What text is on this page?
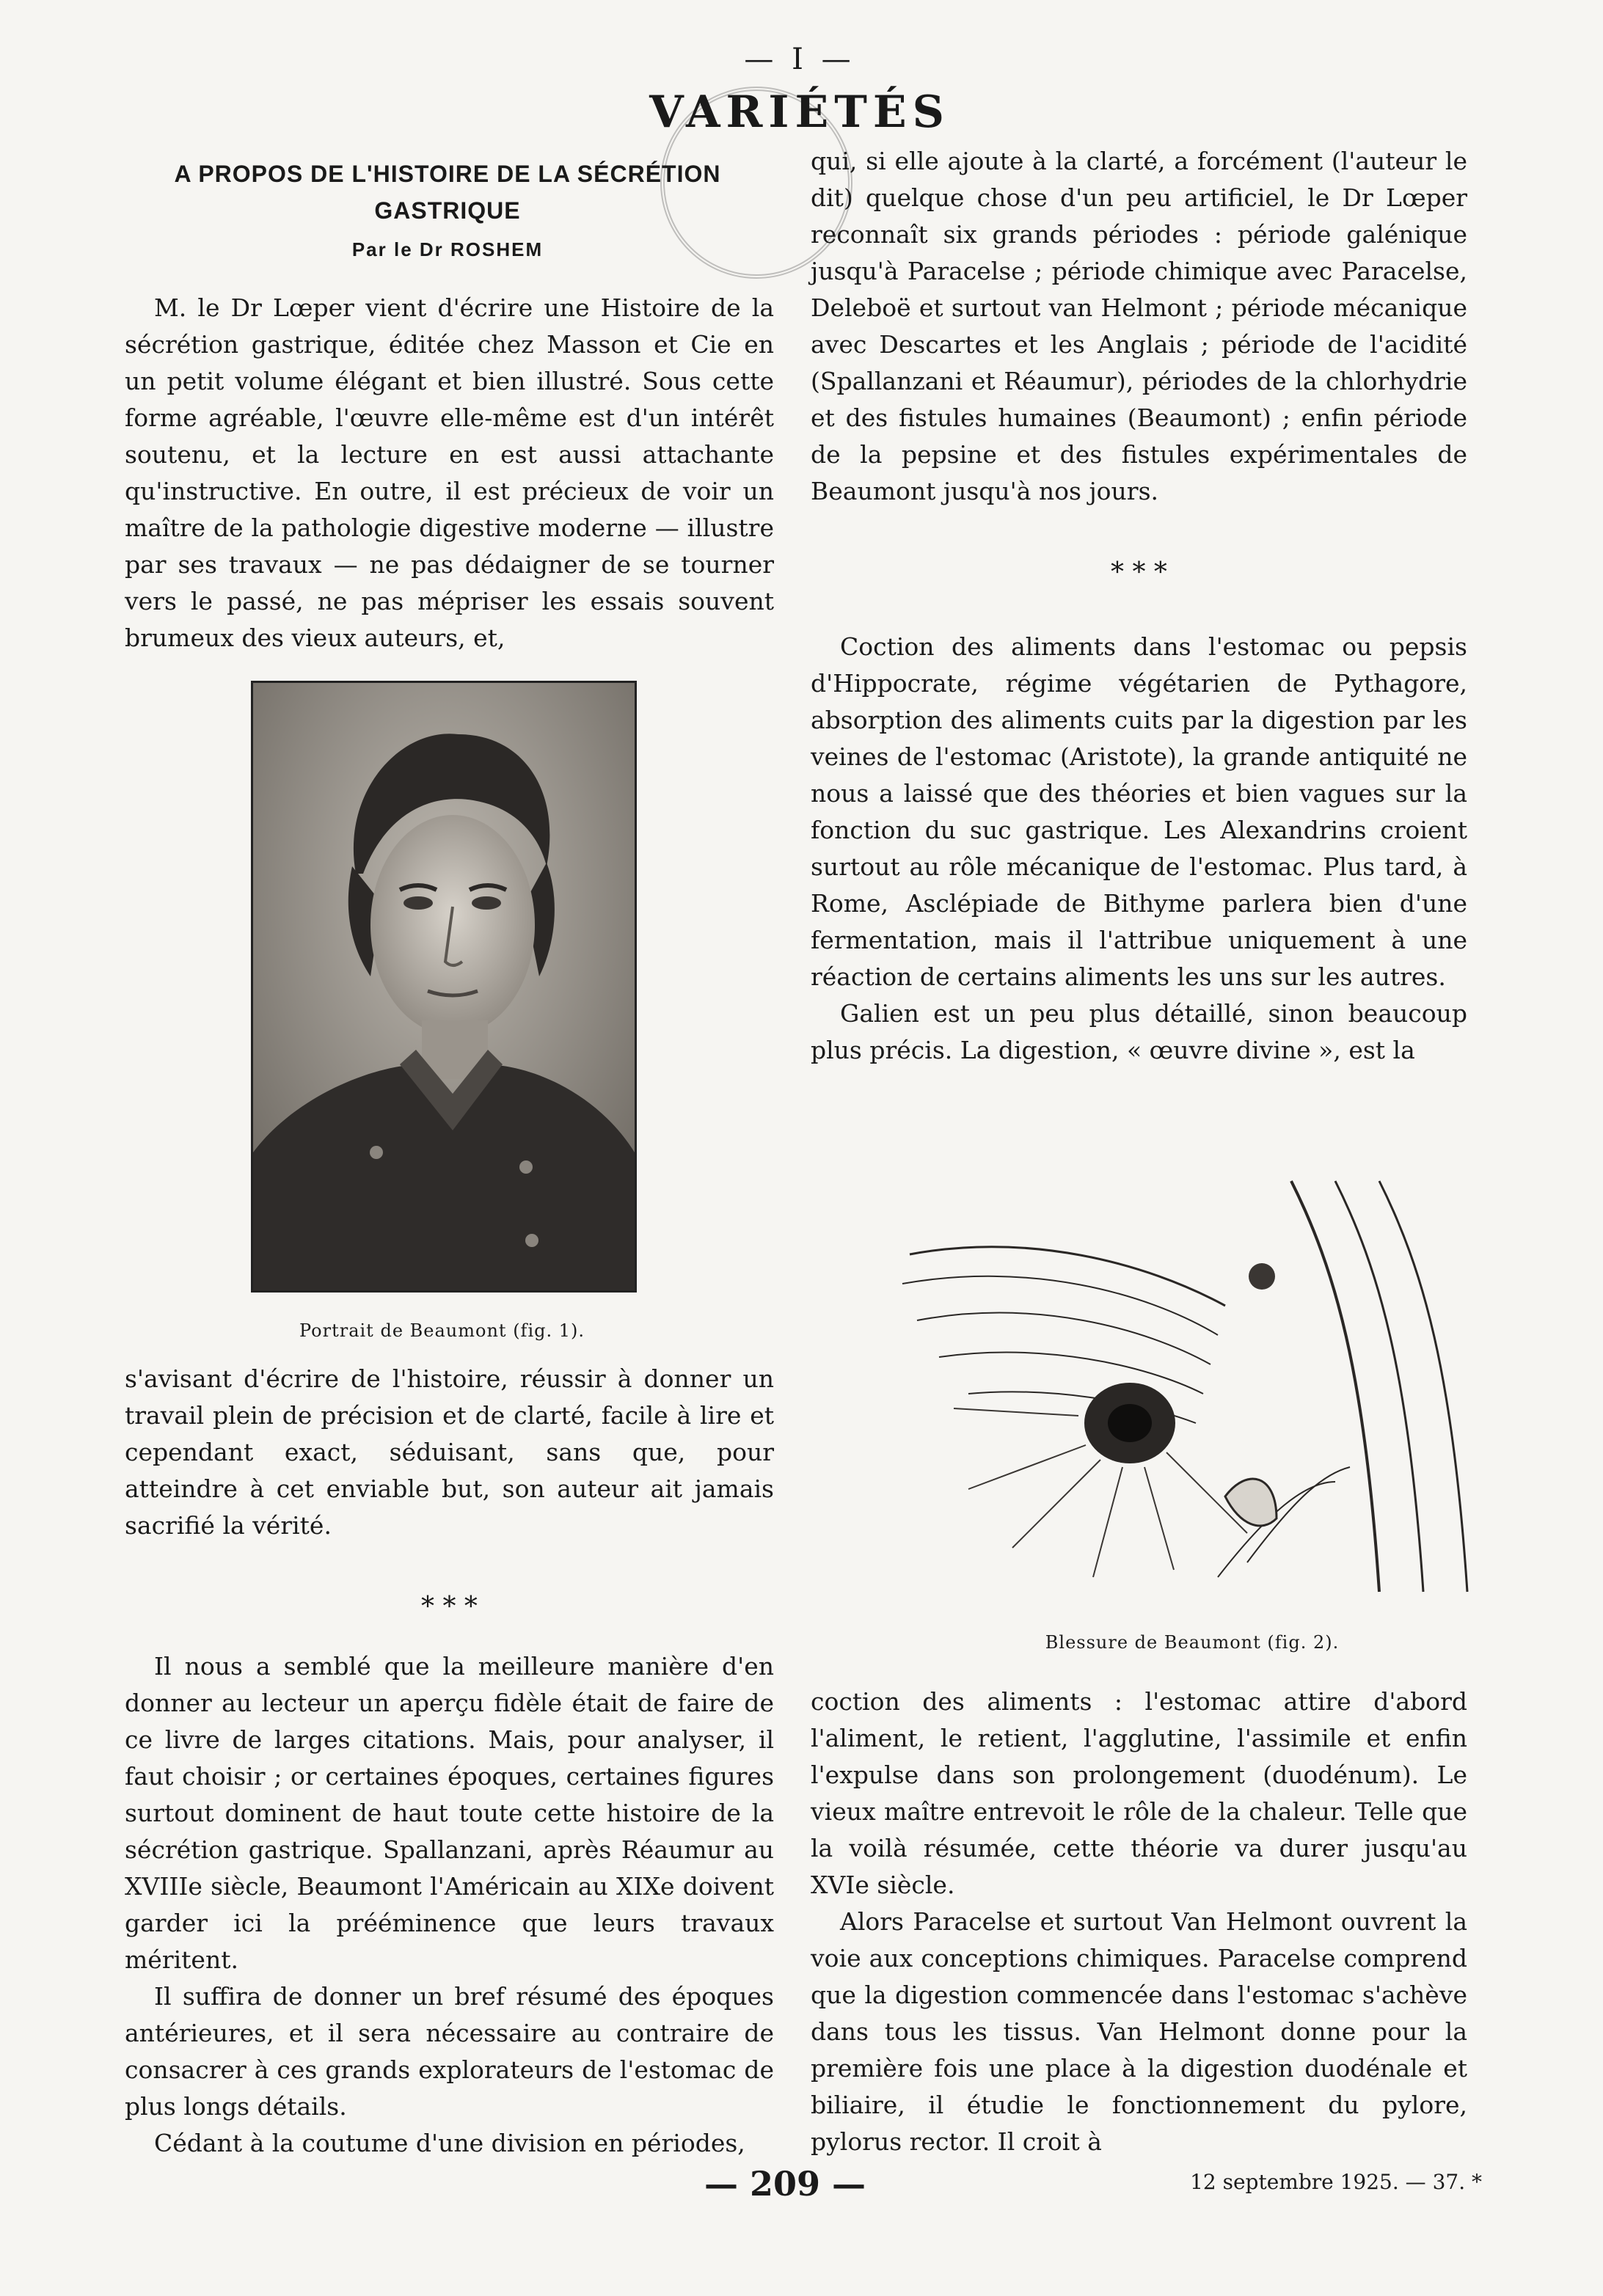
— I —
VARIÉTÉS
A PROPOS DE L'HISTOIRE DE LA SÉCRÉTION GASTRIQUE
Par le Dr ROSHEM

M. le Dr Lœper vient d'écrire une Histoire de la sécrétion gastrique, éditée chez Masson et Cie en un petit volume élégant et bien illustré. Sous cette forme agréable, l'œuvre elle-même est d'un intérêt soutenu, et la lecture en est aussi attachante qu'instructive. En outre, il est précieux de voir un maître de la pathologie digestive moderne — illustre par ses travaux — ne pas dédaigner de se tourner vers le passé, ne pas mépriser les essais souvent brumeux des vieux auteurs, et,

Portrait de Beaumont (fig. 1).

s'avisant d'écrire de l'histoire, réussir à donner un travail plein de précision et de clarté, facile à lire et cependant exact, séduisant, sans que, pour atteindre à cet enviable but, son auteur ait jamais sacrifié la vérité.

* * *

Il nous a semblé que la meilleure manière d'en donner au lecteur un aperçu fidèle était de faire de ce livre de larges citations. Mais, pour analyser, il faut choisir ; or certaines époques, certaines figures surtout dominent de haut toute cette histoire de la sécrétion gastrique. Spallanzani, après Réaumur au XVIIIe siècle, Beaumont l'Américain au XIXe doivent garder ici la prééminence que leurs travaux méritent.

Il suffira de donner un bref résumé des époques antérieures, et il sera nécessaire au contraire de consacrer à ces grands explorateurs de l'estomac de plus longs détails.

Cédant à la coutume d'une division en périodes,

qui, si elle ajoute à la clarté, a forcément (l'auteur le dit) quelque chose d'un peu artificiel, le Dr Lœper reconnaît six grands périodes : période galénique jusqu'à Paracelse ; période chimique avec Paracelse, Deleboë et surtout van Helmont ; période mécanique avec Descartes et les Anglais ; période de l'acidité (Spallanzani et Réaumur), périodes de la chlorhydrie et des fistules humaines (Beaumont) ; enfin période de la pepsine et des fistules expérimentales de Beaumont jusqu'à nos jours.

* * *

Coction des aliments dans l'estomac ou pepsis d'Hippocrate, régime végétarien de Pythagore, absorption des aliments cuits par la digestion par les veines de l'estomac (Aristote), la grande antiquité ne nous a laissé que des théories et bien vagues sur la fonction du suc gastrique. Les Alexandrins croient surtout au rôle mécanique de l'estomac. Plus tard, à Rome, Asclépiade de Bithyme parlera bien d'une fermentation, mais il l'attribue uniquement à une réaction de certains aliments les uns sur les autres.

Galien est un peu plus détaillé, sinon beaucoup plus précis. La digestion, « œuvre divine », est la

Blessure de Beaumont (fig. 2).

coction des aliments : l'estomac attire d'abord l'aliment, le retient, l'agglutine, l'assimile et enfin l'expulse dans son prolongement (duodénum). Le vieux maître entrevoit le rôle de la chaleur. Telle que la voilà résumée, cette théorie va durer jusqu'au XVIe siècle.

Alors Paracelse et surtout Van Helmont ouvrent la voie aux conceptions chimiques. Paracelse comprend que la digestion commencée dans l'estomac s'achève dans tous les tissus. Van Helmont donne pour la première fois une place à la digestion duodénale et biliaire, il étudie le fonctionnement du pylore, pylorus rector. Il croit à

— 209 —	12 septembre 1925. — 37. *
